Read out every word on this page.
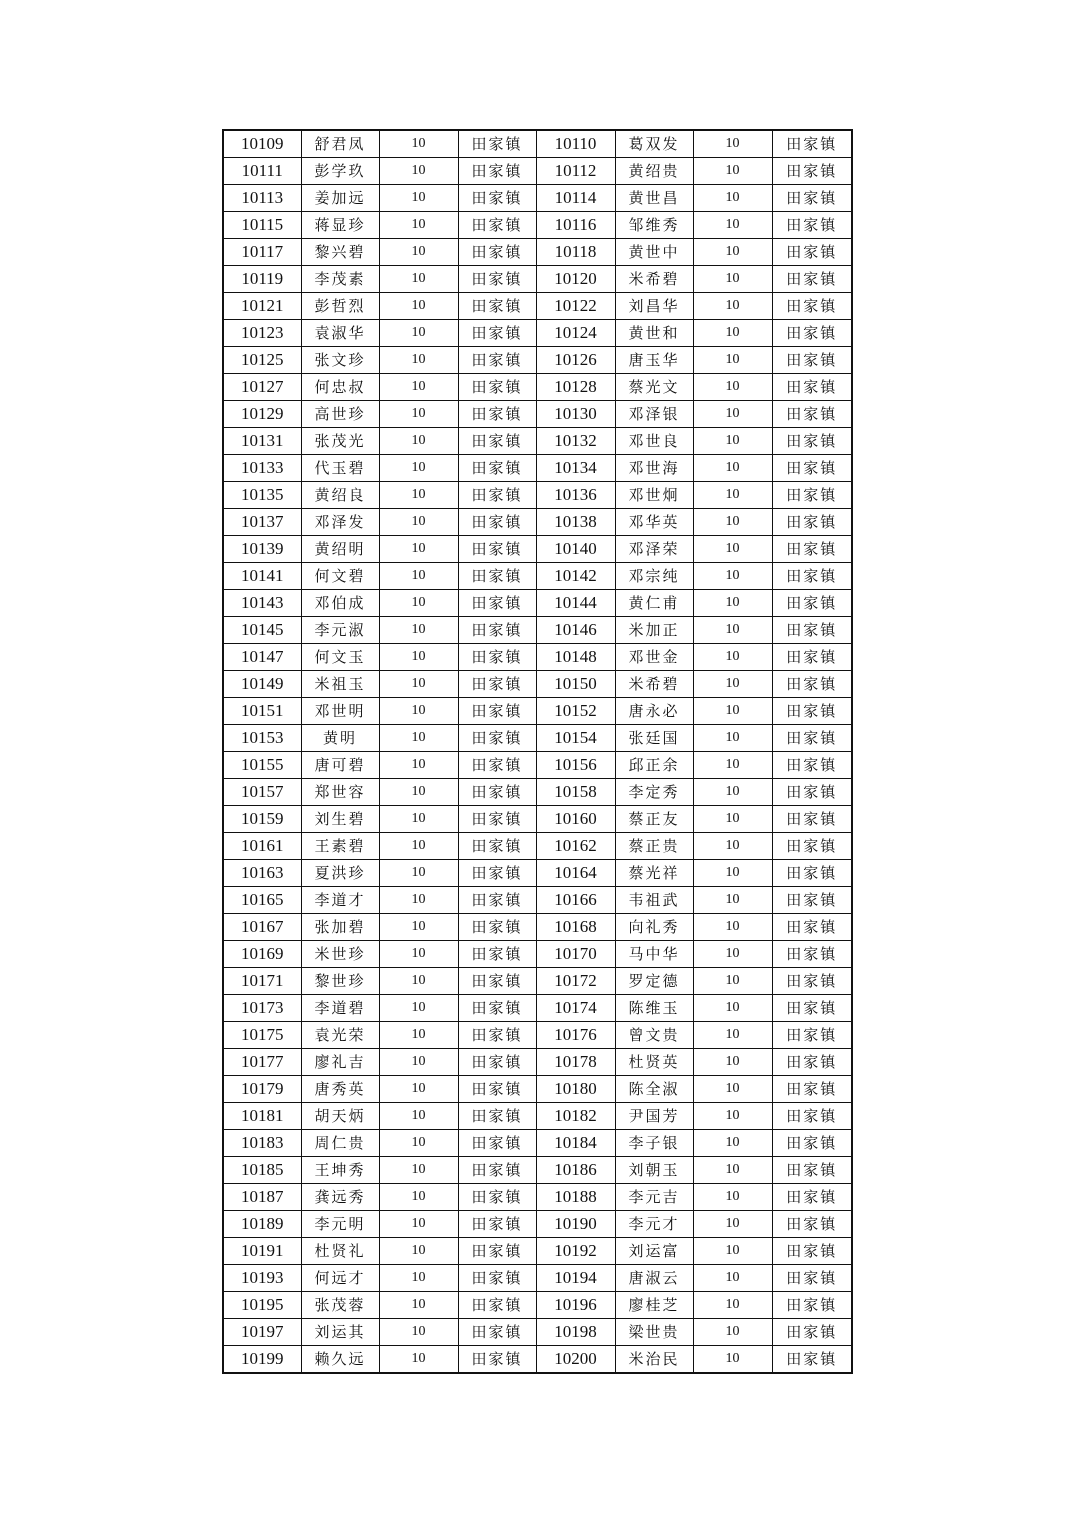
10109	舒君凤	10	田家镇	10110	葛双发	10	田家镇
10111	彭学玖	10	田家镇	10112	黄绍贵	10	田家镇
10113	姜加远	10	田家镇	10114	黄世昌	10	田家镇
10115	蒋显珍	10	田家镇	10116	邹维秀	10	田家镇
10117	黎兴碧	10	田家镇	10118	黄世中	10	田家镇
10119	李茂素	10	田家镇	10120	米希碧	10	田家镇
10121	彭哲烈	10	田家镇	10122	刘昌华	10	田家镇
10123	袁淑华	10	田家镇	10124	黄世和	10	田家镇
10125	张文珍	10	田家镇	10126	唐玉华	10	田家镇
10127	何忠叔	10	田家镇	10128	蔡光文	10	田家镇
10129	高世珍	10	田家镇	10130	邓泽银	10	田家镇
10131	张茂光	10	田家镇	10132	邓世良	10	田家镇
10133	代玉碧	10	田家镇	10134	邓世海	10	田家镇
10135	黄绍良	10	田家镇	10136	邓世炯	10	田家镇
10137	邓泽发	10	田家镇	10138	邓华英	10	田家镇
10139	黄绍明	10	田家镇	10140	邓泽荣	10	田家镇
10141	何文碧	10	田家镇	10142	邓宗纯	10	田家镇
10143	邓伯成	10	田家镇	10144	黄仁甫	10	田家镇
10145	李元淑	10	田家镇	10146	米加正	10	田家镇
10147	何文玉	10	田家镇	10148	邓世金	10	田家镇
10149	米祖玉	10	田家镇	10150	米希碧	10	田家镇
10151	邓世明	10	田家镇	10152	唐永必	10	田家镇
10153	黄明	10	田家镇	10154	张廷国	10	田家镇
10155	唐可碧	10	田家镇	10156	邱正余	10	田家镇
10157	郑世容	10	田家镇	10158	李定秀	10	田家镇
10159	刘生碧	10	田家镇	10160	蔡正友	10	田家镇
10161	王素碧	10	田家镇	10162	蔡正贵	10	田家镇
10163	夏洪珍	10	田家镇	10164	蔡光祥	10	田家镇
10165	李道才	10	田家镇	10166	韦祖武	10	田家镇
10167	张加碧	10	田家镇	10168	向礼秀	10	田家镇
10169	米世珍	10	田家镇	10170	马中华	10	田家镇
10171	黎世珍	10	田家镇	10172	罗定德	10	田家镇
10173	李道碧	10	田家镇	10174	陈维玉	10	田家镇
10175	袁光荣	10	田家镇	10176	曾文贵	10	田家镇
10177	廖礼吉	10	田家镇	10178	杜贤英	10	田家镇
10179	唐秀英	10	田家镇	10180	陈全淑	10	田家镇
10181	胡天炳	10	田家镇	10182	尹国芳	10	田家镇
10183	周仁贵	10	田家镇	10184	李子银	10	田家镇
10185	王坤秀	10	田家镇	10186	刘朝玉	10	田家镇
10187	龚远秀	10	田家镇	10188	李元吉	10	田家镇
10189	李元明	10	田家镇	10190	李元才	10	田家镇
10191	杜贤礼	10	田家镇	10192	刘运富	10	田家镇
10193	何远才	10	田家镇	10194	唐淑云	10	田家镇
10195	张茂蓉	10	田家镇	10196	廖桂芝	10	田家镇
10197	刘运其	10	田家镇	10198	梁世贵	10	田家镇
10199	赖久远	10	田家镇	10200	米治民	10	田家镇
